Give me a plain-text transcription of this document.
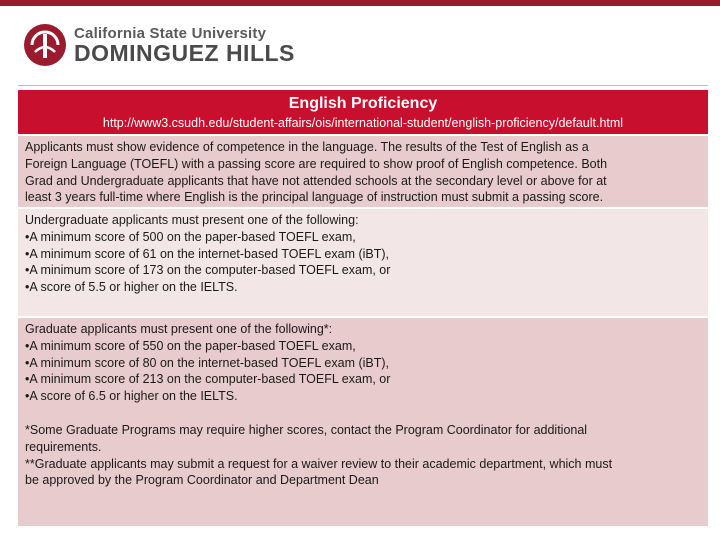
California State University
DOMINGUEZ HILLS
English Proficiency
http://www3.csudh.edu/student-affairs/ois/international-student/english-proficiency/default.html
Applicants must show evidence of competence in the language. The results of the Test of English as a
Foreign Language (TOEFL) with a passing score are required to show proof of English competence. Both
Grad and Undergraduate applicants that have not attended schools at the secondary level or above for at
least 3 years full-time where English is the principal language of instruction must submit a passing score.
Undergraduate applicants must present one of the following:
•A minimum score of 500 on the paper-based TOEFL exam,
•A minimum score of 61 on the internet-based TOEFL exam (iBT),
•A minimum score of 173 on the computer-based TOEFL exam, or
•A score of 5.5 or higher on the IELTS.
Graduate applicants must present one of the following*:
•A minimum score of 550 on the paper-based TOEFL exam,
•A minimum score of 80 on the internet-based TOEFL exam (iBT),
•A minimum score of 213 on the computer-based TOEFL exam, or
•A score of 6.5 or higher on the IELTS.
*Some Graduate Programs may require higher scores, contact the Program Coordinator for additional
requirements.
**Graduate applicants may submit a request for a waiver review to their academic department, which must
be approved by the Program Coordinator and Department Dean
